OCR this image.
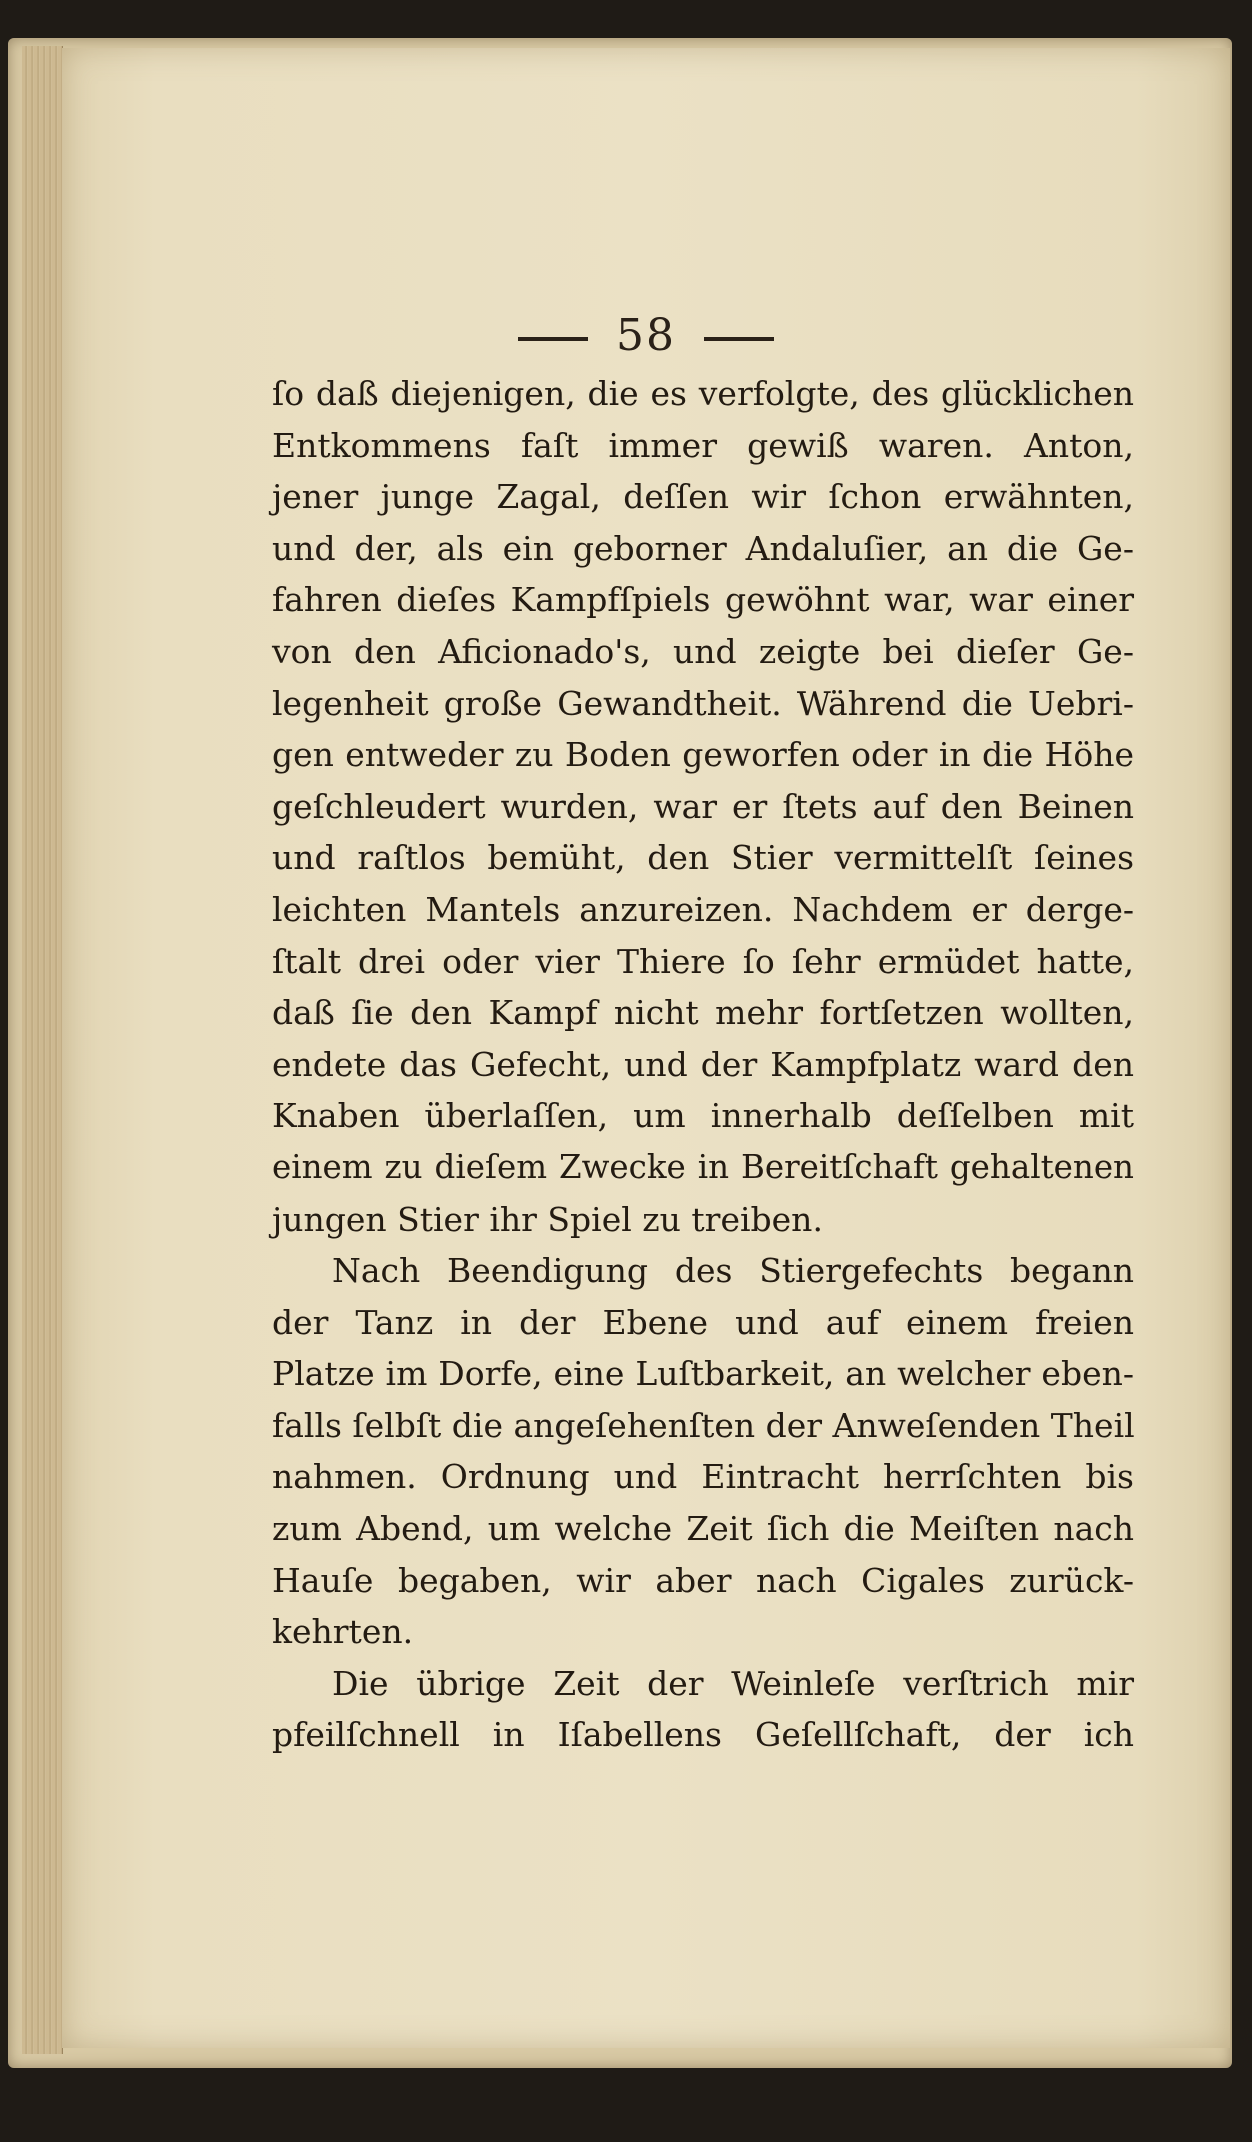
58
ſo daß diejenigen, die es verfolgte, des glücklichen
Entkommens faſt immer gewiß waren. Anton,
jener junge Zagal, deſſen wir ſchon erwähnten,
und der, als ein geborner Andaluſier, an die Ge-
fahren dieſes Kampfſpiels gewöhnt war, war einer
von den Aficionado's, und zeigte bei dieſer Ge-
legenheit große Gewandtheit. Während die Uebri-
gen entweder zu Boden geworfen oder in die Höhe
geſchleudert wurden, war er ſtets auf den Beinen
und raſtlos bemüht, den Stier vermittelſt ſeines
leichten Mantels anzureizen. Nachdem er derge-
ſtalt drei oder vier Thiere ſo ſehr ermüdet hatte,
daß ſie den Kampf nicht mehr fortſetzen wollten,
endete das Gefecht, und der Kampfplatz ward den
Knaben überlaſſen, um innerhalb deſſelben mit
einem zu dieſem Zwecke in Bereitſchaft gehaltenen
jungen Stier ihr Spiel zu treiben.
Nach Beendigung des Stiergefechts begann
der Tanz in der Ebene und auf einem freien
Platze im Dorfe, eine Luſtbarkeit, an welcher eben-
falls ſelbſt die angeſehenſten der Anweſenden Theil
nahmen. Ordnung und Eintracht herrſchten bis
zum Abend, um welche Zeit ſich die Meiſten nach
Hauſe begaben, wir aber nach Cigales zurück-
kehrten.
Die übrige Zeit der Weinleſe verſtrich mir
pfeilſchnell in Iſabellens Geſellſchaft, der ich
